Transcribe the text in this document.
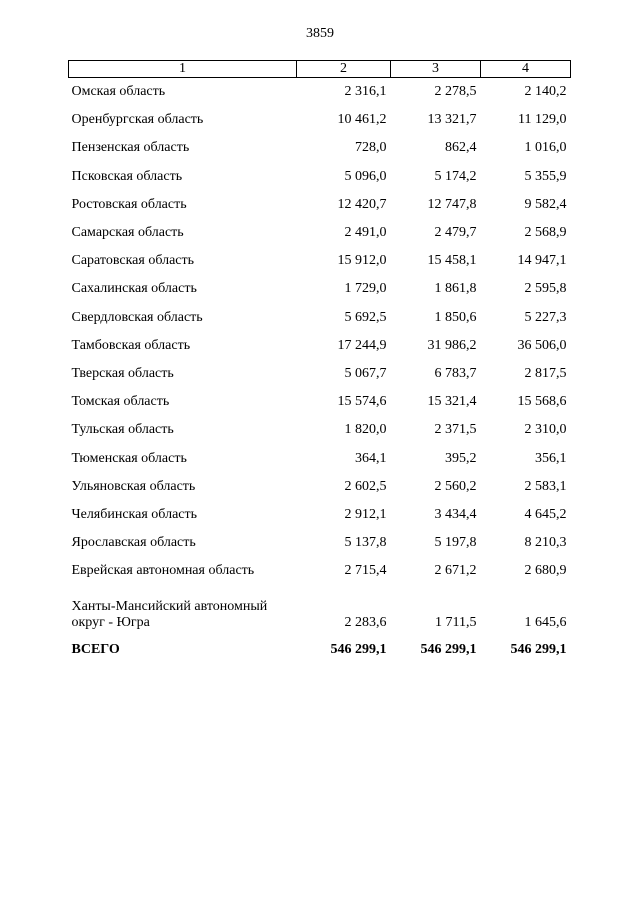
3859
1	2	3	4
Омская область	2 316,1	2 278,5	2 140,2
Оренбургская область	10 461,2	13 321,7	11 129,0
Пензенская область	728,0	862,4	1 016,0
Псковская область	5 096,0	5 174,2	5 355,9
Ростовская область	12 420,7	12 747,8	9 582,4
Самарская область	2 491,0	2 479,7	2 568,9
Саратовская область	15 912,0	15 458,1	14 947,1
Сахалинская область	1 729,0	1 861,8	2 595,8
Свердловская область	5 692,5	1 850,6	5 227,3
Тамбовская область	17 244,9	31 986,2	36 506,0
Тверская область	5 067,7	6 783,7	2 817,5
Томская область	15 574,6	15 321,4	15 568,6
Тульская область	1 820,0	2 371,5	2 310,0
Тюменская область	364,1	395,2	356,1
Ульяновская область	2 602,5	2 560,2	2 583,1
Челябинская область	2 912,1	3 434,4	4 645,2
Ярославская область	5 137,8	5 197,8	8 210,3
Еврейская автономная область	2 715,4	2 671,2	2 680,9
Ханты-Мансийский автономный
округ - Югра	2 283,6	1 711,5	1 645,6
ВСЕГО	546 299,1	546 299,1	546 299,1
